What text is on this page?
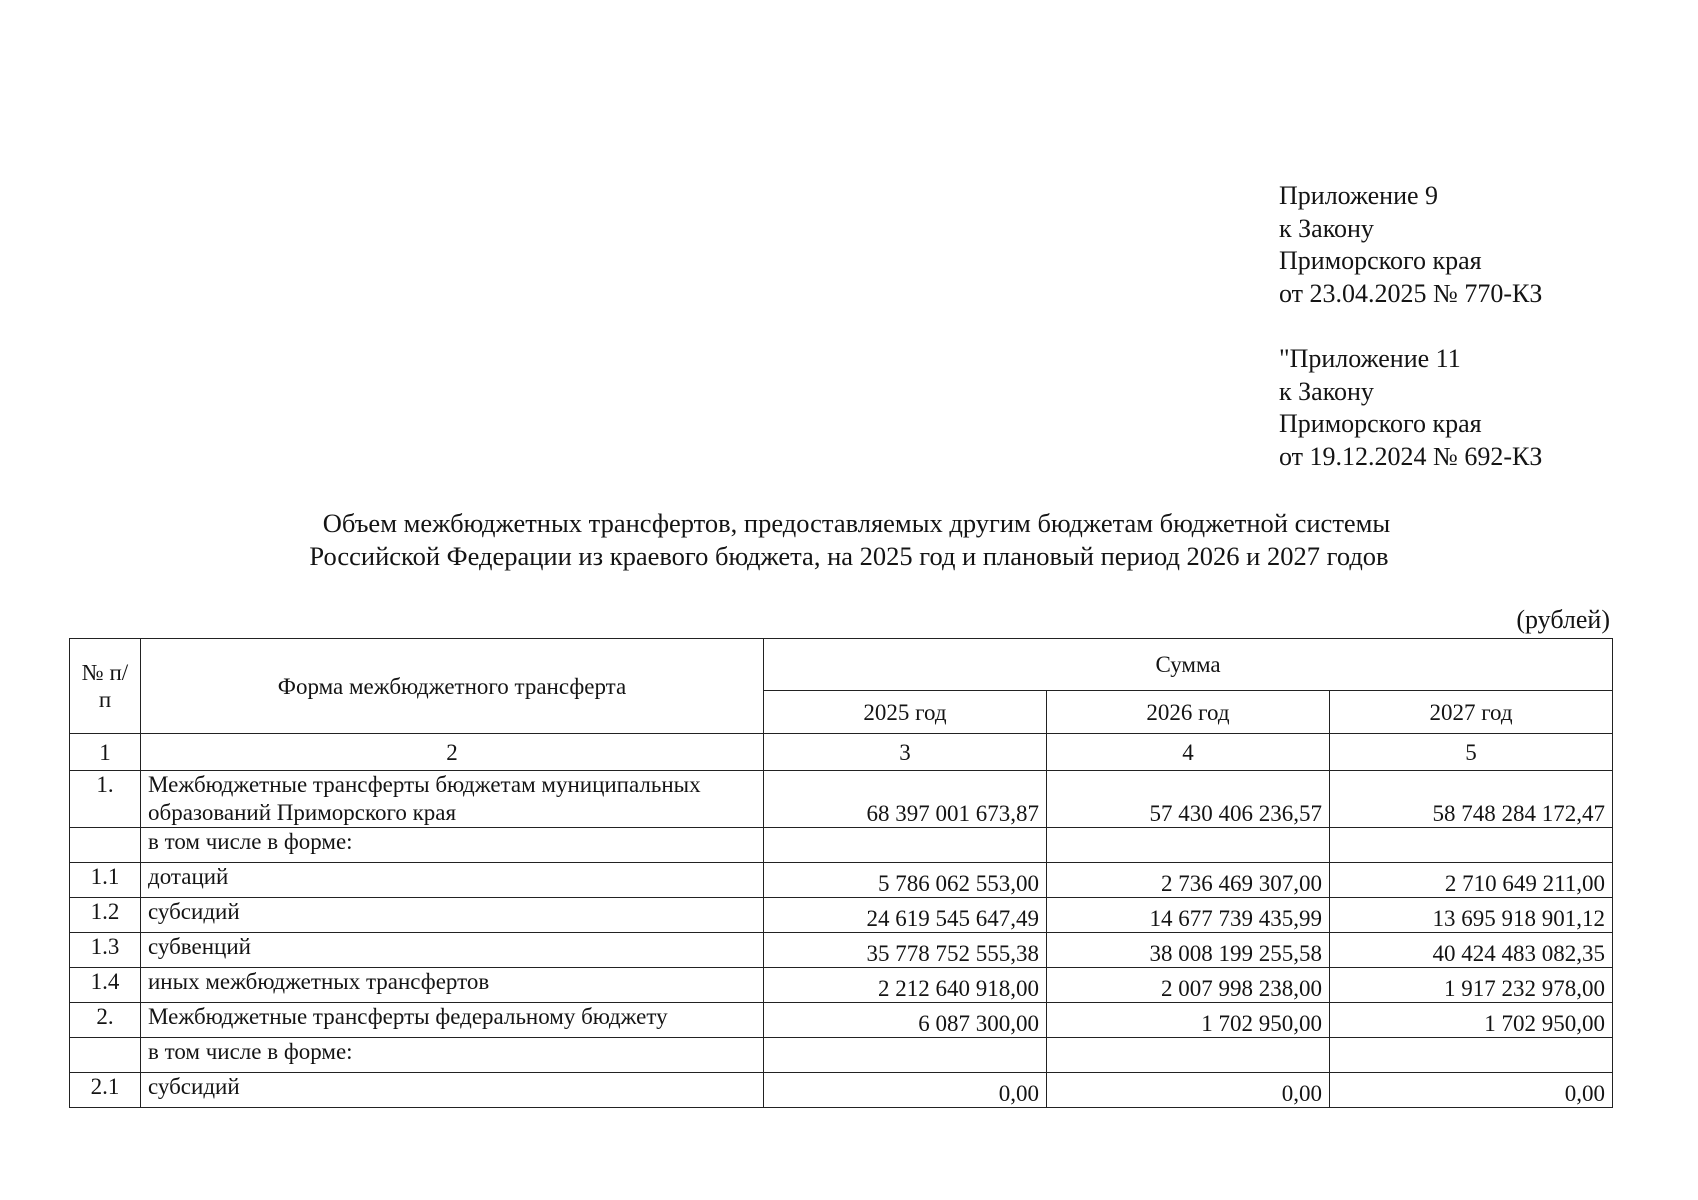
Приложение 9
к Закону
Приморского края
от 23.04.2025 № 770-КЗ
"Приложение 11
к Закону
Приморского края
от 19.12.2024 № 692-КЗ
Объем межбюджетных трансфертов, предоставляемых другим бюджетам бюджетной системы
Российской Федерации из краевого бюджета, на 2025 год и плановый период 2026 и 2027 годов
(рублей)
№ п/п	Форма межбюджетного трансферта	Сумма		
		2025 год	2026 год	2027 год
1	2	3	4	5
1.	Межбюджетные трансферты бюджетам муниципальных образований Приморского края	68 397 001 673,87	57 430 406 236,57	58 748 284 172,47
	в том числе в форме:			
1.1	дотаций	5 786 062 553,00	2 736 469 307,00	2 710 649 211,00
1.2	субсидий	24 619 545 647,49	14 677 739 435,99	13 695 918 901,12
1.3	субвенций	35 778 752 555,38	38 008 199 255,58	40 424 483 082,35
1.4	иных межбюджетных трансфертов	2 212 640 918,00	2 007 998 238,00	1 917 232 978,00
2.	Межбюджетные трансферты федеральному бюджету	6 087 300,00	1 702 950,00	1 702 950,00
	в том числе в форме:			
2.1	субсидий	0,00	0,00	0,00
